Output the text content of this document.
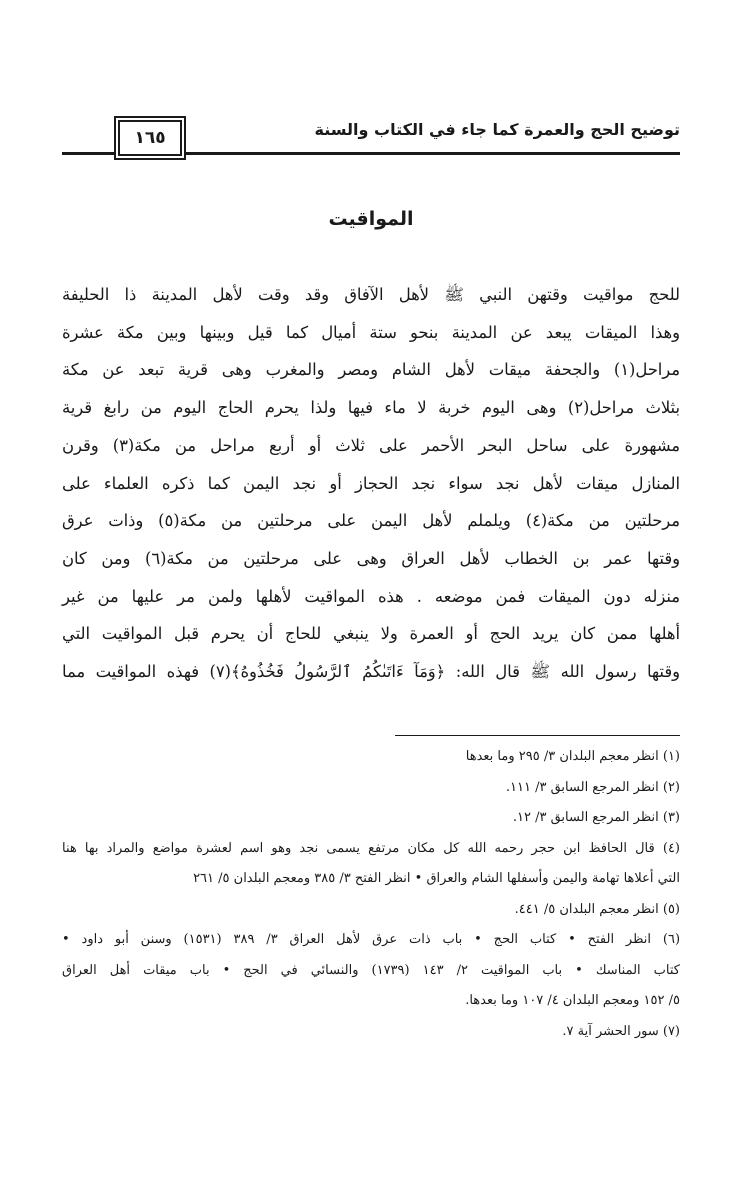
توضيح الحج والعمرة كما جاء في الكتاب والسنة
١٦٥
المواقيت
للحج مواقيت وقتهن النبي ﷺ لأهل الآفاق وقد وقت لأهل المدينة ذا الحليفة
وهذا الميقات يبعد عن المدينة بنحو ستة أميال كما قيل وبينها وبين مكة عشرة
مراحل(١) والجحفة ميقات لأهل الشام ومصر والمغرب وهى قرية تبعد عن مكة
بثلاث مراحل(٢) وهى اليوم خربة لا ماء فيها ولذا يحرم الحاج اليوم من رابغ قرية
مشهورة على ساحل البحر الأحمر على ثلاث أو أربع مراحل من مكة(٣) وقرن
المنازل ميقات لأهل نجد سواء نجد الحجاز أو نجد اليمن كما ذكره العلماء على
مرحلتين من مكة(٤) ويلملم لأهل اليمن على مرحلتين من مكة(٥) وذات عرق
وقتها عمر بن الخطاب لأهل العراق وهى على مرحلتين من مكة(٦) ومن كان
منزله دون الميقات فمن موضعه . هذه المواقيت لأهلها ولمن مر عليها من غير
أهلها ممن كان يريد الحج أو العمرة ولا ينبغي للحاج أن يحرم قبل المواقيت التي
وقتها رسول الله ﷺ قال الله: ﴿وَمَآ ءَاتَىٰكُمُ ٱلرَّسُولُ فَخُذُوهُ﴾(٧) فهذه المواقيت مما
(١) انظر معجم البلدان ٣/ ٢٩٥ وما بعدها
(٢) انظر المرجع السابق ٣/ ١١١.
(٣) انظر المرجع السابق ٣/ ١٢.
(٤) قال الحافظ ابن حجر رحمه الله كل مكان مرتفع يسمى نجد وهو اسم لعشرة مواضع والمراد بها هنا
التي أعلاها تهامة واليمن وأسفلها الشام والعراق • انظر الفتح ٣/ ٣٨٥ ومعجم البلدان ٥/ ٢٦١
(٥) انظر معجم البلدان ٥/ ٤٤١.
(٦) انظر الفتح • كتاب الحج • باب ذات عرق لأهل العراق ٣/ ٣٨٩ (١٥٣١) وسنن أبو داود •
كتاب المناسك • باب المواقيت ٢/ ١٤٣ (١٧٣٩) والنسائي في الحج • باب ميقات أهل العراق
٥/ ١٥٢ ومعجم البلدان ٤/ ١٠٧ وما بعدها.
(٧) سور الحشر آية ٧.
